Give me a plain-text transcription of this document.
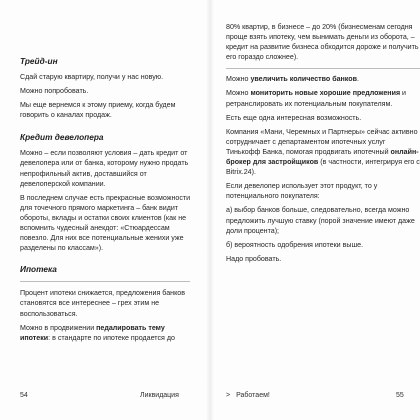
Трейд-ин

Сдай старую квартиру, получи у нас новую.

Можно попробовать.

Мы еще вернемся к этому приему, когда будем говорить о каналах продаж.

Кредит девелопера

Можно – если позволяют условия – дать кредит от девелопера или от банка, которому нужно продать непрофильный актив, доставшийся от девелоперской компании.

В последнем случае есть прекрасные возможности для точечного прямого маркетинга – банк видит обороты, вклады и остатки своих клиентов (как не вспомнить чудесный анекдот: «Стюардессам повезло. Для них все потенциальные женихи уже разделены по классам»).

Ипотека

Процент ипотеки снижается, предложения банков становятся все интереснее – грех этим не воспользоваться.

Можно в продвижении педалировать тему ипотеки: в стандарте по ипотеке продается до

80% квартир, в бизнесе – до 20% (бизнесменам сегодня проще взять ипотеку, чем вынимать деньги из оборота, – кредит на развитие бизнеса обходится дороже и получить его гораздо сложнее).

Можно увеличить количество банков.

Можно мониторить новые хорошие предложения и ретранслировать их потенциальным покупателям.

Есть еще одна интересная возможность.

Компания «Мани, Черемных и Партнеры» сейчас активно сотрудничает с департаментом ипотечных услуг Тинькофф Банка, помогая продвигать ипотечный онлайн-брокер для застройщиков (в частности, интегрируя его с Bitrix.24).

Если девелопер использует этот продукт, то у потенциального покупателя:

а) выбор банков больше, следовательно, всегда можно предложить лучшую ставку (порой значение имеют даже доли процента);

б) вероятность одобрения ипотеки выше.

Надо пробовать.

54	Ликвидация	> Работаем!	55
